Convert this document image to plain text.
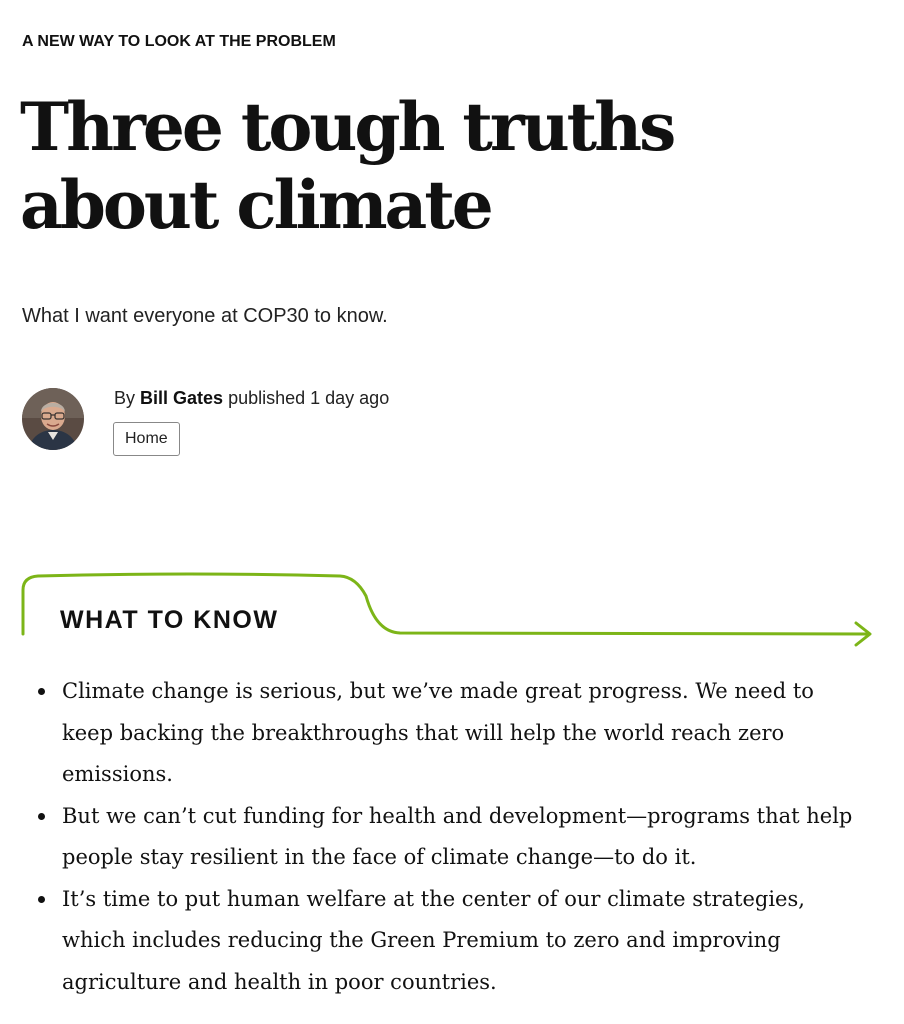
A NEW WAY TO LOOK AT THE PROBLEM
Three tough truths about climate
What I want everyone at COP30 to know.
By Bill Gates published 1 day ago
Home
WHAT TO KNOW
Climate change is serious, but we’ve made great progress. We need to keep backing the breakthroughs that will help the world reach zero emissions.
But we can’t cut funding for health and development—programs that help people stay resilient in the face of climate change—to do it.
It’s time to put human welfare at the center of our climate strategies, which includes reducing the Green Premium to zero and improving agriculture and health in poor countries.
